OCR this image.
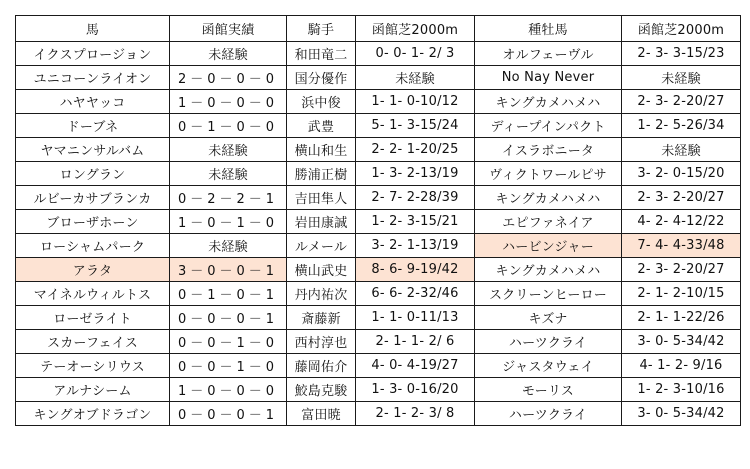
馬	函館実績	騎手	函館芝2000m	種牡馬	函館芝2000m
イクスプロージョン	未経験	和田竜二	0- 0- 1- 2/ 3	オルフェーヴル	2- 3- 3-15/23
ユニコーンライオン	2－0－0－0	国分優作	未経験	No Nay Never	未経験
ハヤヤッコ	1－0－0－0	浜中俊	1- 1- 0-10/12	キングカメハメハ	2- 3- 2-20/27
ドーブネ	0－1－0－0	武豊	5- 1- 3-15/24	ディープインパクト	1- 2- 5-26/34
ヤマニンサルバム	未経験	横山和生	2- 2- 1-20/25	イスラボニータ	未経験
ロングラン	未経験	勝浦正樹	1- 3- 2-13/19	ヴィクトワールピサ	3- 2- 0-15/20
ルビーカサブランカ	0－2－2－1	吉田隼人	2- 7- 2-28/39	キングカメハメハ	2- 3- 2-20/27
ブローザホーン	1－0－1－0	岩田康誠	1- 2- 3-15/21	エピファネイア	4- 2- 4-12/22
ローシャムパーク	未経験	ルメール	3- 2- 1-13/19	ハービンジャー	7- 4- 4-33/48
アラタ	3－0－0－1	横山武史	8- 6- 9-19/42	キングカメハメハ	2- 3- 2-20/27
マイネルウィルトス	0－1－0－1	丹内祐次	6- 6- 2-32/46	スクリーンヒーロー	2- 1- 2-10/15
ローゼライト	0－0－0－1	斎藤新	1- 1- 0-11/13	キズナ	2- 1- 1-22/26
スカーフェイス	0－0－1－0	西村淳也	2- 1- 1- 2/ 6	ハーツクライ	3- 0- 5-34/42
テーオーシリウス	0－0－1－0	藤岡佑介	4- 0- 4-19/27	ジャスタウェイ	4- 1- 2- 9/16
アルナシーム	1－0－0－0	鮫島克駿	1- 3- 0-16/20	モーリス	1- 2- 3-10/16
キングオブドラゴン	0－0－0－1	富田暁	2- 1- 2- 3/ 8	ハーツクライ	3- 0- 5-34/42
